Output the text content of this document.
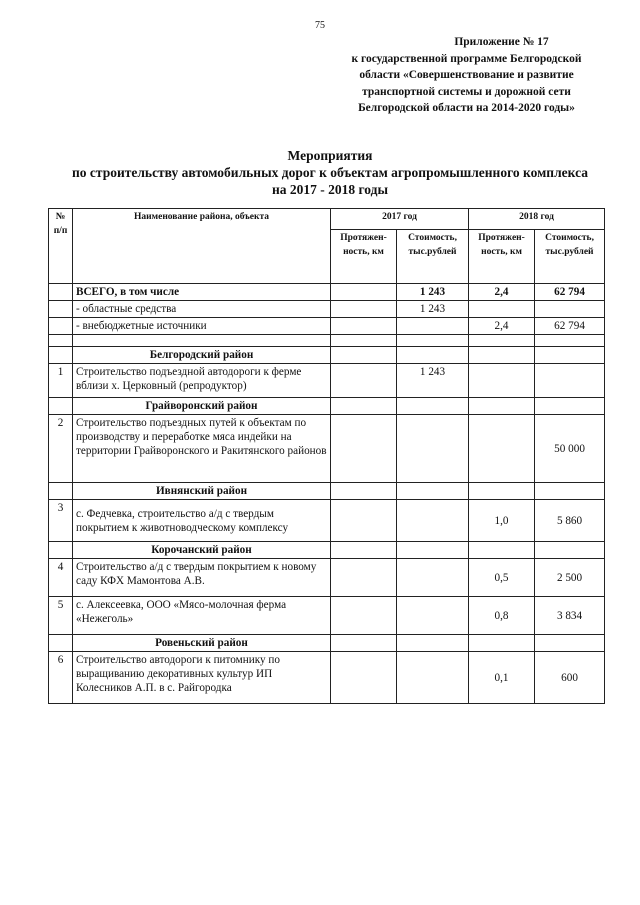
75
Приложение № 17
к государственной программе Белгородской
области «Совершенствование и развитие
транспортной системы и дорожной сети
Белгородской области на 2014-2020 годы»
Мероприятия
по строительству автомобильных дорог к объектам агропромышленного комплекса
на 2017 - 2018 годы
№ п/п	Наименование района, объекта	2017 год		2018 год	
		Протяжен- ность, км	Стоимость, тыс.рублей	Протяжен- ность, км	Стоимость, тыс.рублей
	ВСЕГО, в том числе		1 243	2,4	62 794
	- областные средства		1 243		
	- внебюджетные источники			2,4	62 794

	Белгородский район				
1	Строительство подъездной автодороги к ферме вблизи х. Церковный (репродуктор)		1 243		
	Грайворонский район				
2	Строительство подъездных путей к объектам по производству и переработке мяса индейки на территории Грайворонского и Ракитянского районов				50 000
	Ивнянский район				
3	с. Федчевка, строительство а/д с твердым покрытием к животноводческому комплексу			1,0	5 860
	Корочанский район				
4	Строительство а/д с твердым покрытием к новому саду КФХ Мамонтова А.В.			0,5	2 500
5	с. Алексеевка, ООО «Мясо-молочная ферма «Нежеголь»			0,8	3 834
	Ровеньский район				
6	Строительство автодороги к питомнику по выращиванию декоративных культур ИП Колесников А.П. в с. Райгородка			0,1	600
